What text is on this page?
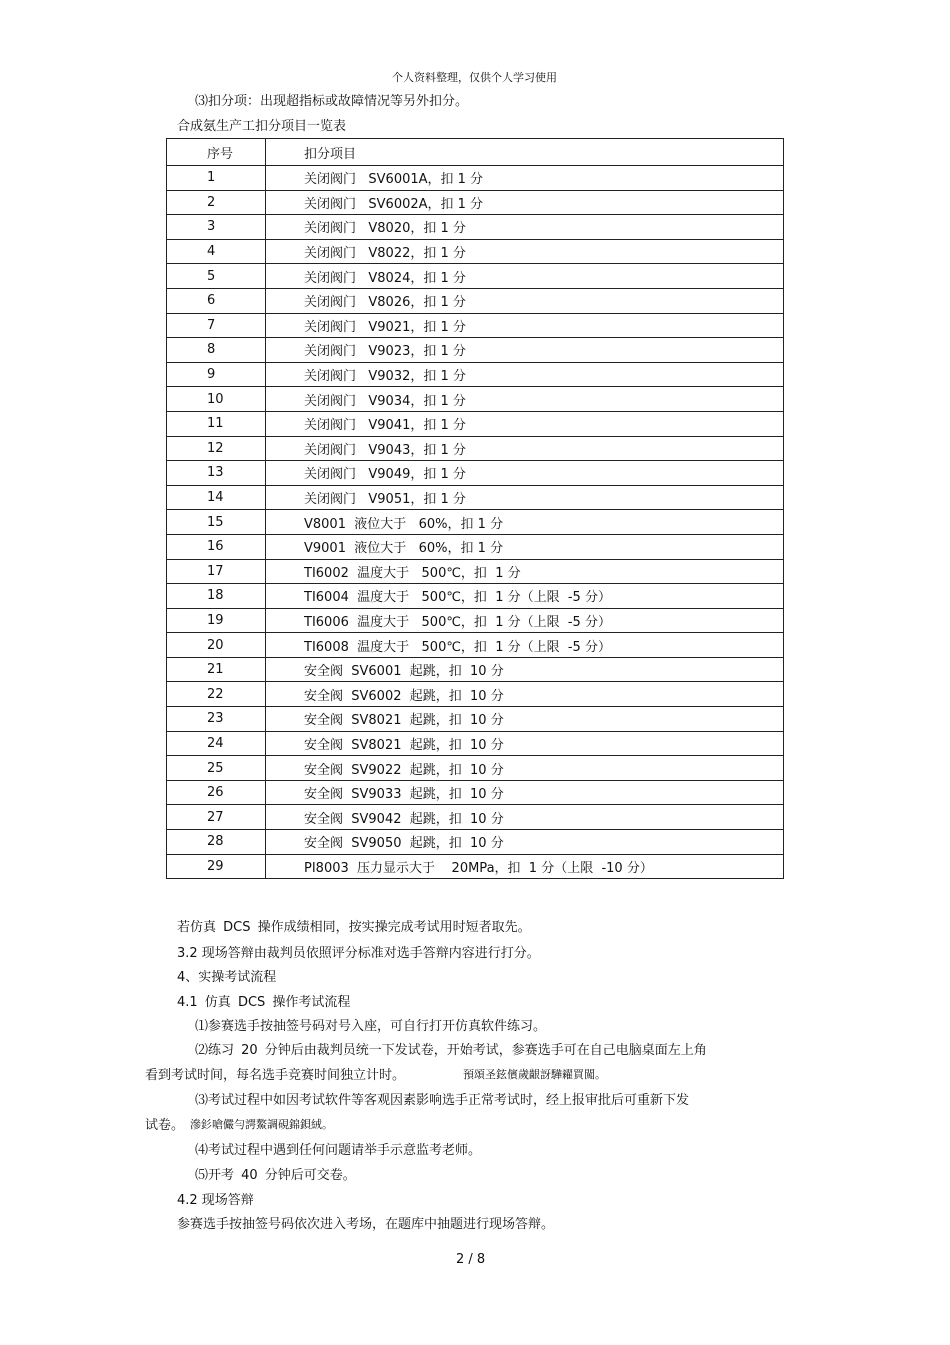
个人资料整理，仅供个人学习使用
⑶扣分项：出现超指标或故障情况等另外扣分。
合成氨生产工扣分项目一览表
序号	扣分项目
1	关闭阀门   SV6001A，扣 1 分
2	关闭阀门   SV6002A，扣 1 分
3	关闭阀门   V8020，扣 1 分
4	关闭阀门   V8022，扣 1 分
5	关闭阀门   V8024，扣 1 分
6	关闭阀门   V8026，扣 1 分
7	关闭阀门   V9021，扣 1 分
8	关闭阀门   V9023，扣 1 分
9	关闭阀门   V9032，扣 1 分
10	关闭阀门   V9034，扣 1 分
11	关闭阀门   V9041，扣 1 分
12	关闭阀门   V9043，扣 1 分
13	关闭阀门   V9049，扣 1 分
14	关闭阀门   V9051，扣 1 分
15	V8001  液位大于   60%，扣 1 分
16	V9001  液位大于   60%，扣 1 分
17	TI6002  温度大于   500℃，扣  1 分
18	TI6004  温度大于   500℃，扣  1 分（上限  -5 分）
19	TI6006  温度大于   500℃，扣  1 分（上限  -5 分）
20	TI6008  温度大于   500℃，扣  1 分（上限  -5 分）
21	安全阀  SV6001  起跳，扣  10 分
22	安全阀  SV6002  起跳，扣  10 分
23	安全阀  SV8021  起跳，扣  10 分
24	安全阀  SV8021  起跳，扣  10 分
25	安全阀  SV9022  起跳，扣  10 分
26	安全阀  SV9033  起跳，扣  10 分
27	安全阀  SV9042  起跳，扣  10 分
28	安全阀  SV9050  起跳，扣  10 分
29	PI8003  压力显示大于    20MPa，扣  1 分（上限  -10 分）
若仿真 DCS 操作成绩相同，按实操完成考试用时短者取先。
3.2 现场答辩由裁判员依照评分标准对选手答辩内容进行打分。
4、实操考试流程
4.1 仿真 DCS 操作考试流程
⑴参赛选手按抽签号码对号入座，可自行打开仿真软件练习。
⑵练习 20 分钟后由裁判员统一下发试卷，开始考试，参赛选手可在自己电脑桌面左上角
看到考试时间，每名选手竞赛时间独立计时。	預頌圣鉉儐歲齦訝驊糴買闖。
⑶考试过程中如因考试软件等客观因素影响选手正常考试时，经上报审批后可重新下发
试卷。 滲釤嗆儼勻諤鰲調硯錦鋇絨。
⑷考试过程中遇到任何问题请举手示意监考老师。
⑸开考 40 分钟后可交卷。
4.2 现场答辩
参赛选手按抽签号码依次进入考场，在题库中抽题进行现场答辩。
2 / 8
